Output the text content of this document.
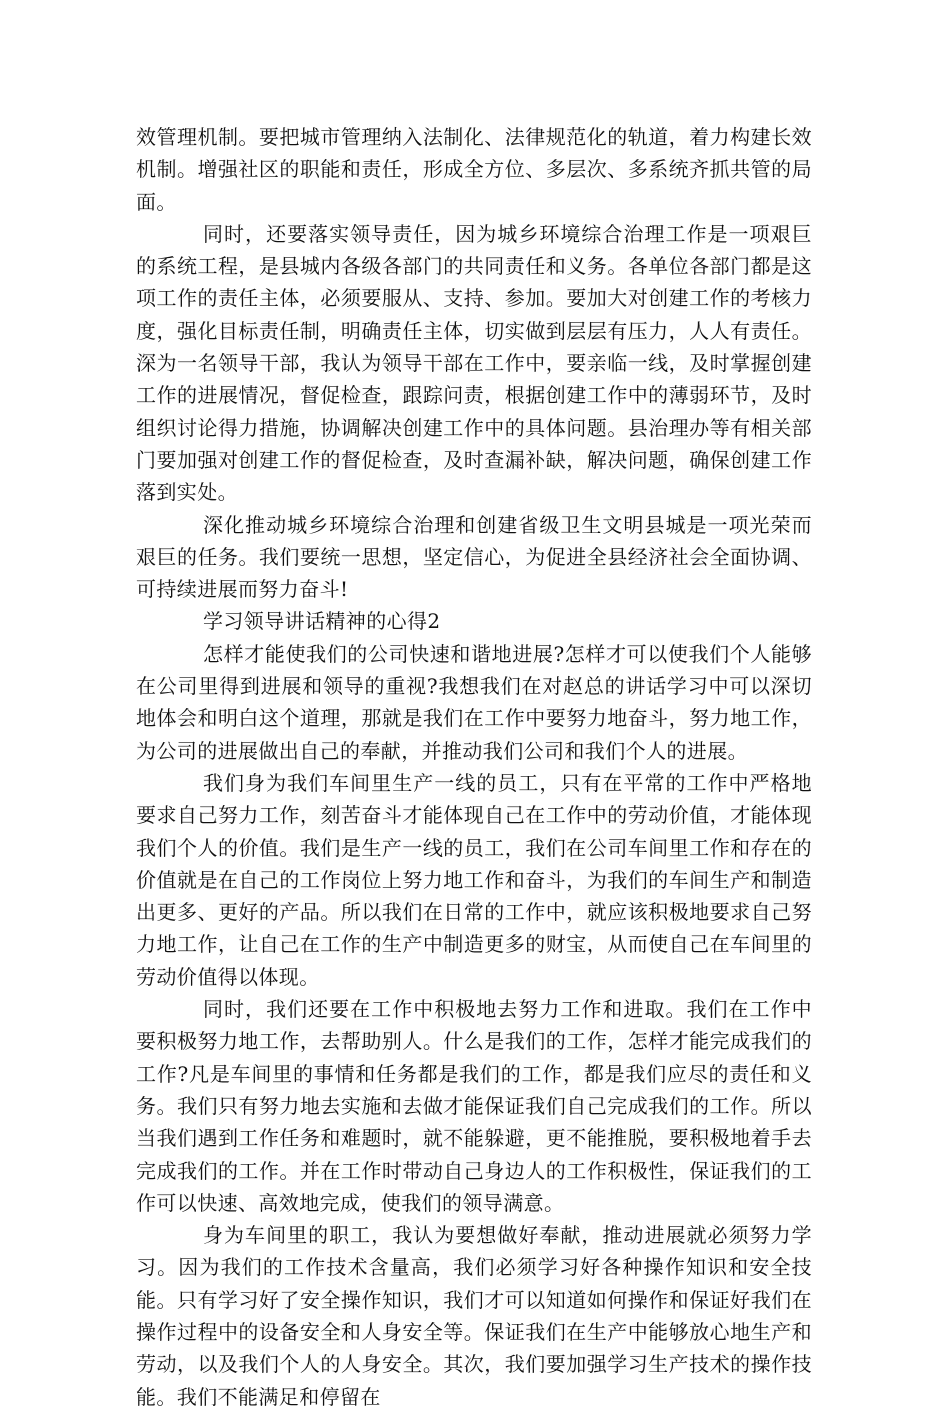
效管理机制。要把城市管理纳入法制化、法律规范化的轨道，着力构建长效机制。增强社区的职能和责任，形成全方位、多层次、多系统齐抓共管的局面。

同时，还要落实领导责任，因为城乡环境综合治理工作是一项艰巨的系统工程，是县城内各级各部门的共同责任和义务。各单位各部门都是这项工作的责任主体，必须要服从、支持、参加。要加大对创建工作的考核力度，强化目标责任制，明确责任主体，切实做到层层有压力，人人有责任。深为一名领导干部，我认为领导干部在工作中，要亲临一线，及时掌握创建工作的进展情况，督促检查，跟踪问责，根据创建工作中的薄弱环节，及时组织讨论得力措施，协调解决创建工作中的具体问题。县治理办等有相关部门要加强对创建工作的督促检查，及时查漏补缺，解决问题，确保创建工作落到实处。

深化推动城乡环境综合治理和创建省级卫生文明县城是一项光荣而艰巨的任务。我们要统一思想，坚定信心，为促进全县经济社会全面协调、可持续进展而努力奋斗!

学习领导讲话精神的心得2

怎样才能使我们的公司快速和谐地进展?怎样才可以使我们个人能够在公司里得到进展和领导的重视?我想我们在对赵总的讲话学习中可以深切地体会和明白这个道理，那就是我们在工作中要努力地奋斗，努力地工作，为公司的进展做出自己的奉献，并推动我们公司和我们个人的进展。

我们身为我们车间里生产一线的员工，只有在平常的工作中严格地要求自己努力工作，刻苦奋斗才能体现自己在工作中的劳动价值，才能体现我们个人的价值。我们是生产一线的员工，我们在公司车间里工作和存在的价值就是在自己的工作岗位上努力地工作和奋斗，为我们的车间生产和制造出更多、更好的产品。所以我们在日常的工作中，就应该积极地要求自己努力地工作，让自己在工作的生产中制造更多的财宝，从而使自己在车间里的劳动价值得以体现。

同时，我们还要在工作中积极地去努力工作和进取。我们在工作中要积极努力地工作，去帮助别人。什么是我们的工作，怎样才能完成我们的工作?凡是车间里的事情和任务都是我们的工作，都是我们应尽的责任和义务。我们只有努力地去实施和去做才能保证我们自己完成我们的工作。所以当我们遇到工作任务和难题时，就不能躲避，更不能推脱，要积极地着手去完成我们的工作。并在工作时带动自己身边人的工作积极性，保证我们的工作可以快速、高效地完成，使我们的领导满意。

身为车间里的职工，我认为要想做好奉献，推动进展就必须努力学习。因为我们的工作技术含量高，我们必须学习好各种操作知识和安全技能。只有学习好了安全操作知识，我们才可以知道如何操作和保证好我们在操作过程中的设备安全和人身安全等。保证我们在生产中能够放心地生产和劳动，以及我们个人的人身安全。其次，我们要加强学习生产技术的操作技能。我们不能满足和停留在
